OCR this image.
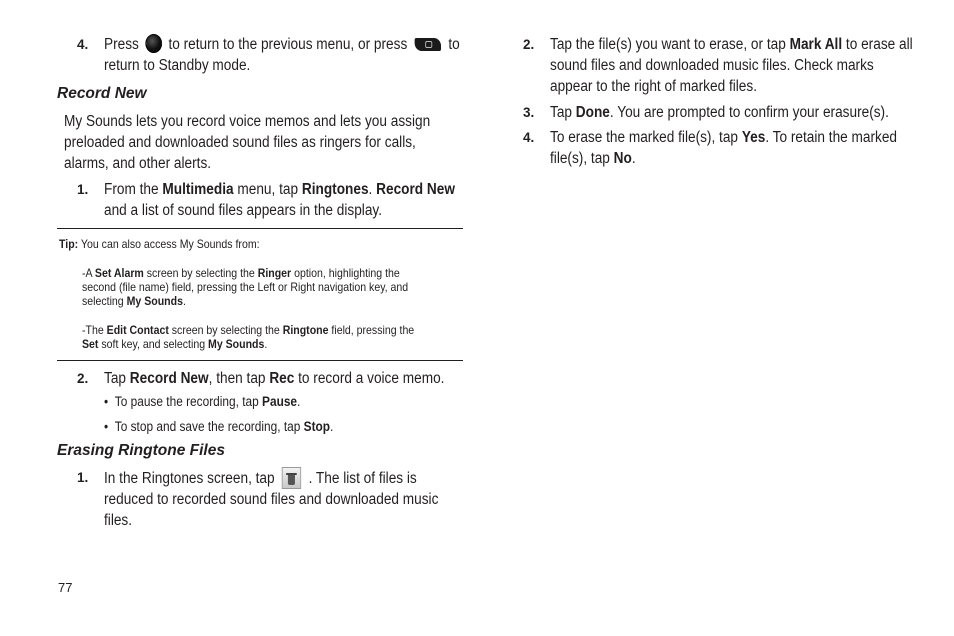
4. Press to return to the previous menu, or press	to
return to Standby mode.
Record New
My Sounds lets you record voice memos and lets you assign
preloaded and downloaded sound files as ringers for calls,
alarms, and other alerts.
1. From the Multimedia menu, tap Ringtones. Record New
and a list of sound files appears in the display.
Tip: You can also access My Sounds from:
-A Set Alarm screen by selecting the Ringer option, highlighting the
second (file name) field, pressing the Left or Right navigation key, and
selecting My Sounds.
-The Edit Contact screen by selecting the Ringtone field, pressing the
Set soft key, and selecting My Sounds.
2. Tap Record New, then tap Rec to record a voice memo.
•  To pause the recording, tap Pause.
•  To stop and save the recording, tap Stop.
Erasing Ringtone Files
1. In the Ringtones screen, tap . The list of files is
reduced to recorded sound files and downloaded music
files.
77
2. Tap the file(s) you want to erase, or tap Mark All to erase all
sound files and downloaded music files. Check marks
appear to the right of marked files.
3. Tap Done. You are prompted to confirm your erasure(s).
4. To erase the marked file(s), tap Yes. To retain the marked
file(s), tap No.
